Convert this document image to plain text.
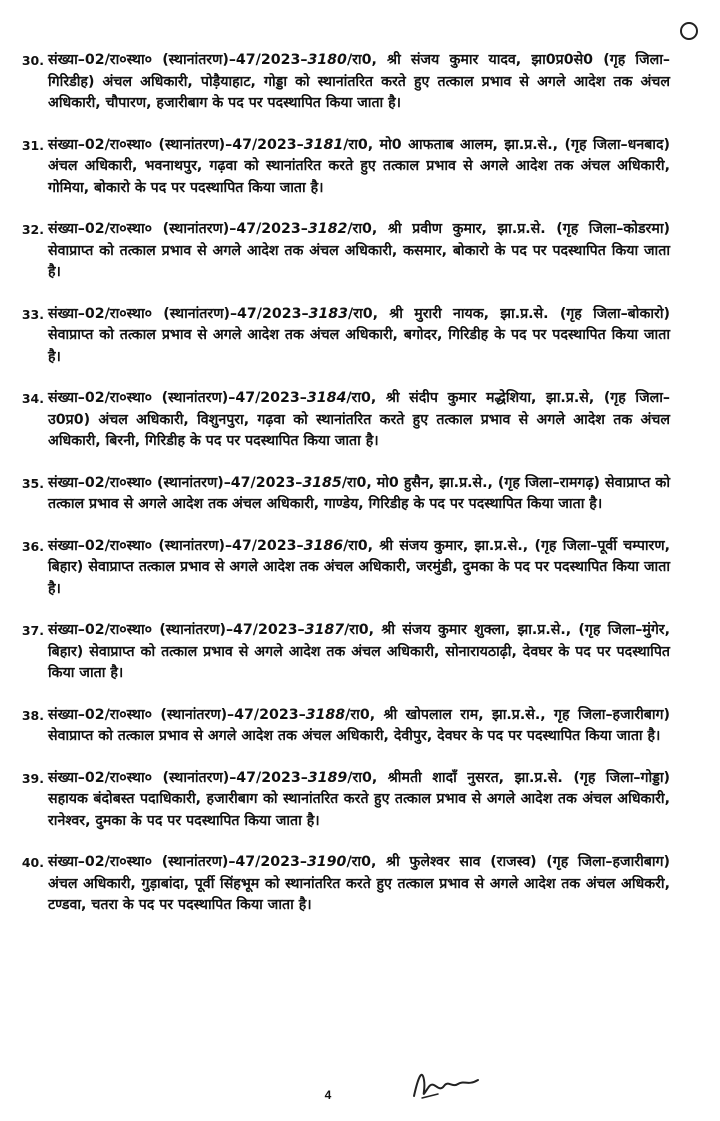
30. संख्या–02/रा०स्था० (स्थानांतरण)–47/2023–3180/रा0, श्री संजय कुमार यादव, झा0प्र0से0 (गृह जिला–गिरिडीह) अंचल अधिकारी, पोड़ैयाहाट, गोड्डा को स्थानांतरित करते हुए तत्काल प्रभाव से अगले आदेश तक अंचल अधिकारी, चौपारण, हजारीबाग के पद पर पदस्थापित किया जाता है।
31. संख्या–02/रा०स्था० (स्थानांतरण)–47/2023–3181/रा0, मो0 आफताब आलम, झा.प्र.से., (गृह जिला–धनबाद) अंचल अधिकारी, भवनाथपुर, गढ़वा को स्थानांतरित करते हुए तत्काल प्रभाव से अगले आदेश तक अंचल अधिकारी, गोमिया, बोकारो के पद पर पदस्थापित किया जाता है।
32. संख्या–02/रा०स्था० (स्थानांतरण)–47/2023–3182/रा0, श्री प्रवीण कुमार, झा.प्र.से. (गृह जिला–कोडरमा) सेवाप्राप्त को तत्काल प्रभाव से अगले आदेश तक अंचल अधिकारी, कसमार, बोकारो के पद पर पदस्थापित किया जाता है।
33. संख्या–02/रा०स्था० (स्थानांतरण)–47/2023–3183/रा0, श्री मुरारी नायक, झा.प्र.से. (गृह जिला–बोकारो) सेवाप्राप्त को तत्काल प्रभाव से अगले आदेश तक अंचल अधिकारी, बगोदर, गिरिडीह के पद पर पदस्थापित किया जाता है।
34. संख्या–02/रा०स्था० (स्थानांतरण)–47/2023–3184/रा0, श्री संदीप कुमार मद्धेशिया, झा.प्र.से, (गृह जिला–उ0प्र0) अंचल अधिकारी, विशुनपुरा, गढ़वा को स्थानांतरित करते हुए तत्काल प्रभाव से अगले आदेश तक अंचल अधिकारी, बिरनी, गिरिडीह के पद पर पदस्थापित किया जाता है।
35. संख्या–02/रा०स्था० (स्थानांतरण)–47/2023–3185/रा0, मो0 हुसैन, झा.प्र.से., (गृह जिला–रामगढ़) सेवाप्राप्त को तत्काल प्रभाव से अगले आदेश तक अंचल अधिकारी, गाण्डेय, गिरिडीह के पद पर पदस्थापित किया जाता है।
36. संख्या–02/रा०स्था० (स्थानांतरण)–47/2023–3186/रा0, श्री संजय कुमार, झा.प्र.से., (गृह जिला–पूर्वी चम्पारण, बिहार) सेवाप्राप्त तत्काल प्रभाव से अगले आदेश तक अंचल अधिकारी, जरमुंडी, दुमका के पद पर पदस्थापित किया जाता है।
37. संख्या–02/रा०स्था० (स्थानांतरण)–47/2023–3187/रा0, श्री संजय कुमार शुक्ला, झा.प्र.से., (गृह जिला–मुंगेर, बिहार) सेवाप्राप्त को तत्काल प्रभाव से अगले आदेश तक अंचल अधिकारी, सोनारायठाढ़ी, देवघर के पद पर पदस्थापित किया जाता है।
38. संख्या–02/रा०स्था० (स्थानांतरण)–47/2023–3188/रा0, श्री खोपलाल राम, झा.प्र.से., गृह जिला–हजारीबाग) सेवाप्राप्त को तत्काल प्रभाव से अगले आदेश तक अंचल अधिकारी, देवीपुर, देवघर के पद पर पदस्थापित किया जाता है।
39. संख्या–02/रा०स्था० (स्थानांतरण)–47/2023–3189/रा0, श्रीमती शादाँ नुसरत, झा.प्र.से. (गृह जिला–गोड्डा) सहायक बंदोबस्त पदाधिकारी, हजारीबाग को स्थानांतरित करते हुए तत्काल प्रभाव से अगले आदेश तक अंचल अधिकारी, रानेश्वर, दुमका के पद पर पदस्थापित किया जाता है।
40. संख्या–02/रा०स्था० (स्थानांतरण)–47/2023–3190/रा0, श्री फुलेश्वर साव (राजस्व) (गृह जिला–हजारीबाग) अंचल अधिकारी, गुड़ाबांदा, पूर्वी सिंहभूम को स्थानांतरित करते हुए तत्काल प्रभाव से अगले आदेश तक अंचल अधिकरी, टण्डवा, चतरा के पद पर पदस्थापित किया जाता है।
4
